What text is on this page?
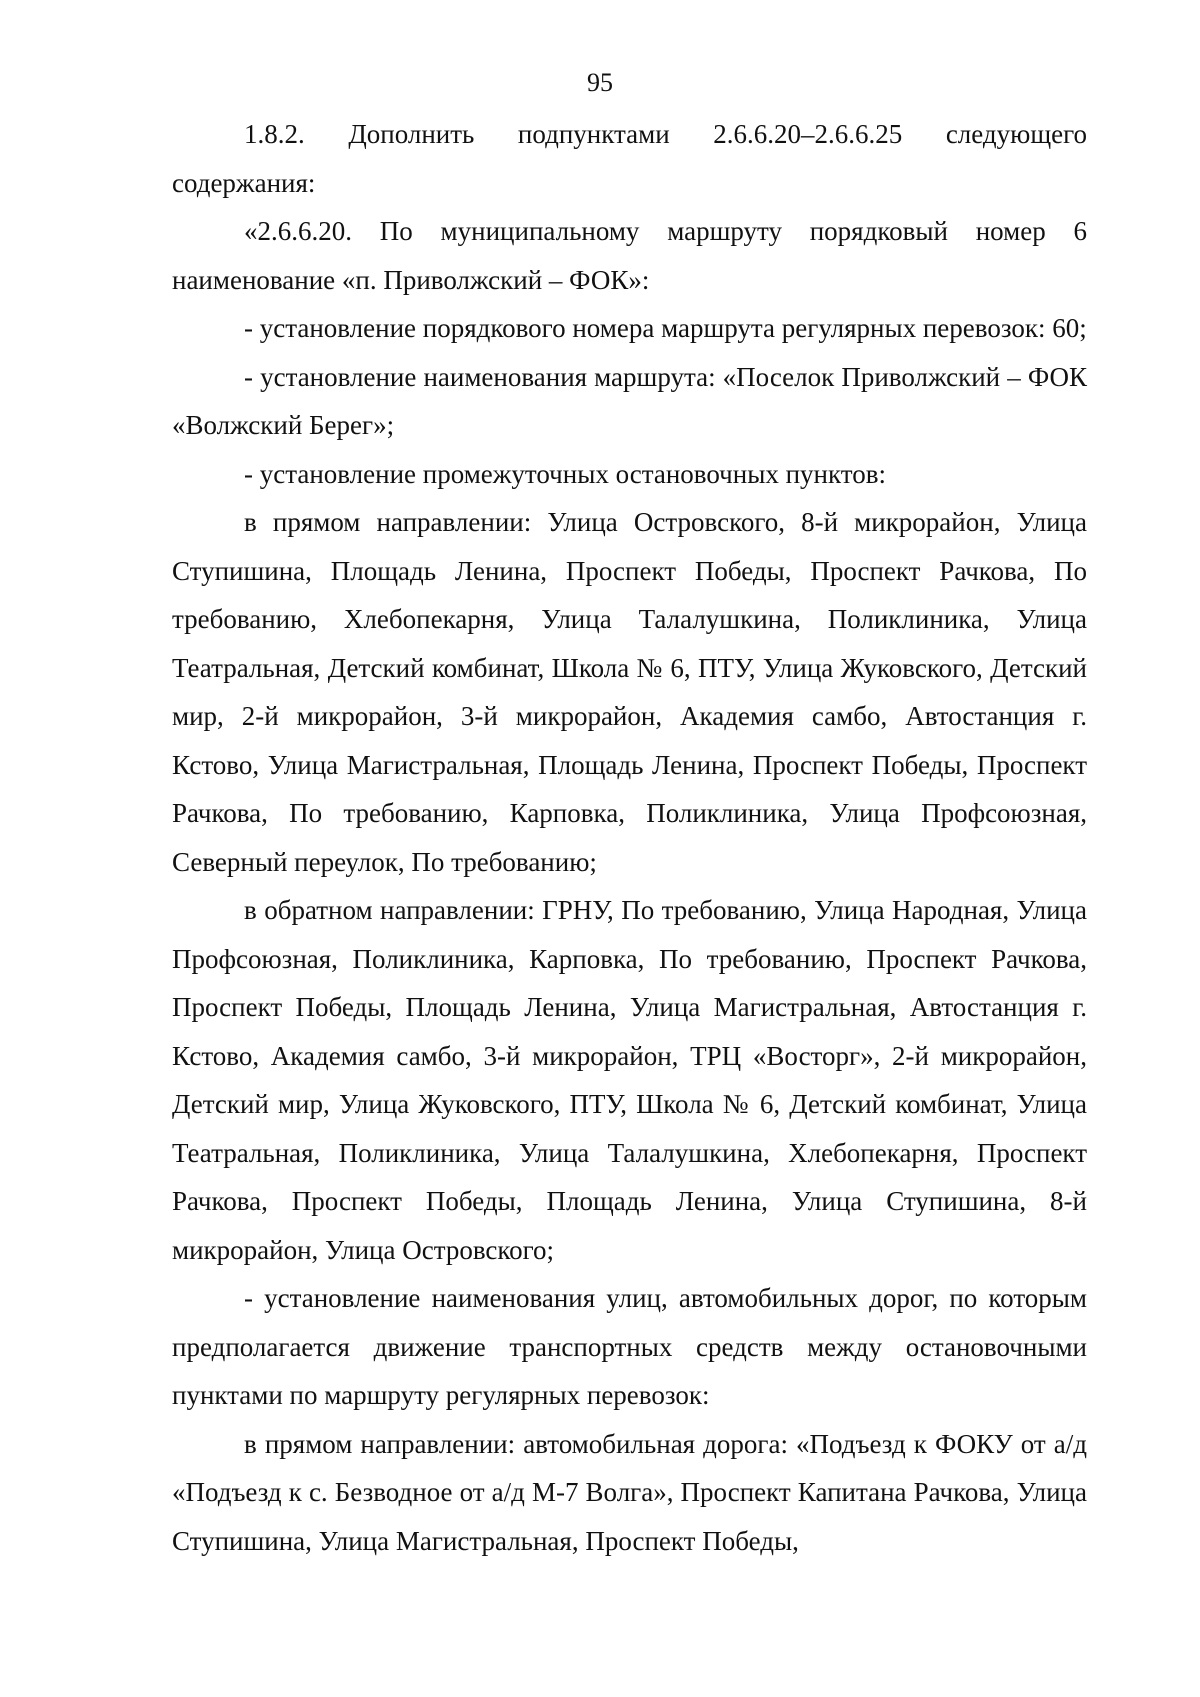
95

1.8.2. Дополнить подпунктами 2.6.6.20–2.6.6.25 следующего содержания:

«2.6.6.20. По муниципальному маршруту порядковый номер 6 наименование «п. Приволжский – ФОК»:

- установление порядкового номера маршрута регулярных перевозок: 60;

- установление наименования маршрута: «Поселок Приволжский – ФОК «Волжский Берег»;

- установление промежуточных остановочных пунктов:

в прямом направлении: Улица Островского, 8-й микрорайон, Улица Ступишина, Площадь Ленина, Проспект Победы, Проспект Рачкова, По требованию, Хлебопекарня, Улица Талалушкина, Поликлиника, Улица Театральная, Детский комбинат, Школа № 6, ПТУ, Улица Жуковского, Детский мир, 2-й микрорайон, 3-й микрорайон, Академия самбо, Автостанция г. Кстово, Улица Магистральная, Площадь Ленина, Проспект Победы, Проспект Рачкова, По требованию, Карповка, Поликлиника, Улица Профсоюзная, Северный переулок, По требованию;

в обратном направлении: ГРНУ, По требованию, Улица Народная, Улица Профсоюзная, Поликлиника, Карповка, По требованию, Проспект Рачкова, Проспект Победы, Площадь Ленина, Улица Магистральная, Автостанция г. Кстово, Академия самбо, 3-й микрорайон, ТРЦ «Восторг», 2-й микрорайон, Детский мир, Улица Жуковского, ПТУ, Школа № 6, Детский комбинат, Улица Театральная, Поликлиника, Улица Талалушкина, Хлебопекарня, Проспект Рачкова, Проспект Победы, Площадь Ленина, Улица Ступишина, 8-й микрорайон, Улица Островского;

- установление наименования улиц, автомобильных дорог, по которым предполагается движение транспортных средств между остановочными пунктами по маршруту регулярных перевозок:

в прямом направлении: автомобильная дорога: «Подъезд к ФОКУ от а/д «Подъезд к с. Безводное от а/д М-7 Волга», Проспект Капитана Рачкова, Улица Ступишина, Улица Магистральная, Проспект Победы,
